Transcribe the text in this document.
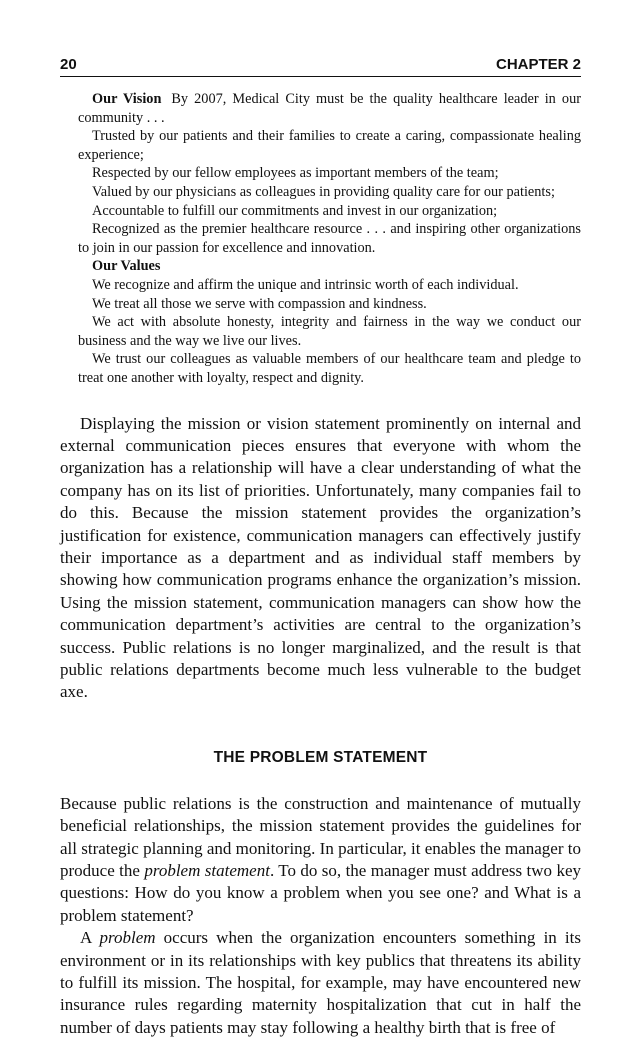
20	CHAPTER 2

Our Vision By 2007, Medical City must be the quality healthcare leader in our community . . .

Trusted by our patients and their families to create a caring, compassionate healing experience;

Respected by our fellow employees as important members of the team;

Valued by our physicians as colleagues in providing quality care for our patients;

Accountable to fulfill our commitments and invest in our organization;

Recognized as the premier healthcare resource . . . and inspiring other organizations to join in our passion for excellence and innovation.

Our Values

We recognize and affirm the unique and intrinsic worth of each individual.

We treat all those we serve with compassion and kindness.

We act with absolute honesty, integrity and fairness in the way we conduct our business and the way we live our lives.

We trust our colleagues as valuable members of our healthcare team and pledge to treat one another with loyalty, respect and dignity.

Displaying the mission or vision statement prominently on internal and external communication pieces ensures that everyone with whom the organization has a relationship will have a clear understanding of what the company has on its list of priorities. Unfortunately, many companies fail to do this. Because the mission statement provides the organization’s justification for existence, communication managers can effectively justify their importance as a department and as individual staff members by showing how communication programs enhance the organization’s mission. Using the mission statement, communication managers can show how the communication department’s activities are central to the organization’s success. Public relations is no longer marginalized, and the result is that public relations departments become much less vulnerable to the budget axe.

THE PROBLEM STATEMENT

Because public relations is the construction and maintenance of mutually beneficial relationships, the mission statement provides the guidelines for all strategic planning and monitoring. In particular, it enables the manager to produce the problem statement. To do so, the manager must address two key questions: How do you know a problem when you see one? and What is a problem statement?

A problem occurs when the organization encounters something in its environment or in its relationships with key publics that threatens its ability to fulfill its mission. The hospital, for example, may have encountered new insurance rules regarding maternity hospitalization that cut in half the number of days patients may stay following a healthy birth that is free of
